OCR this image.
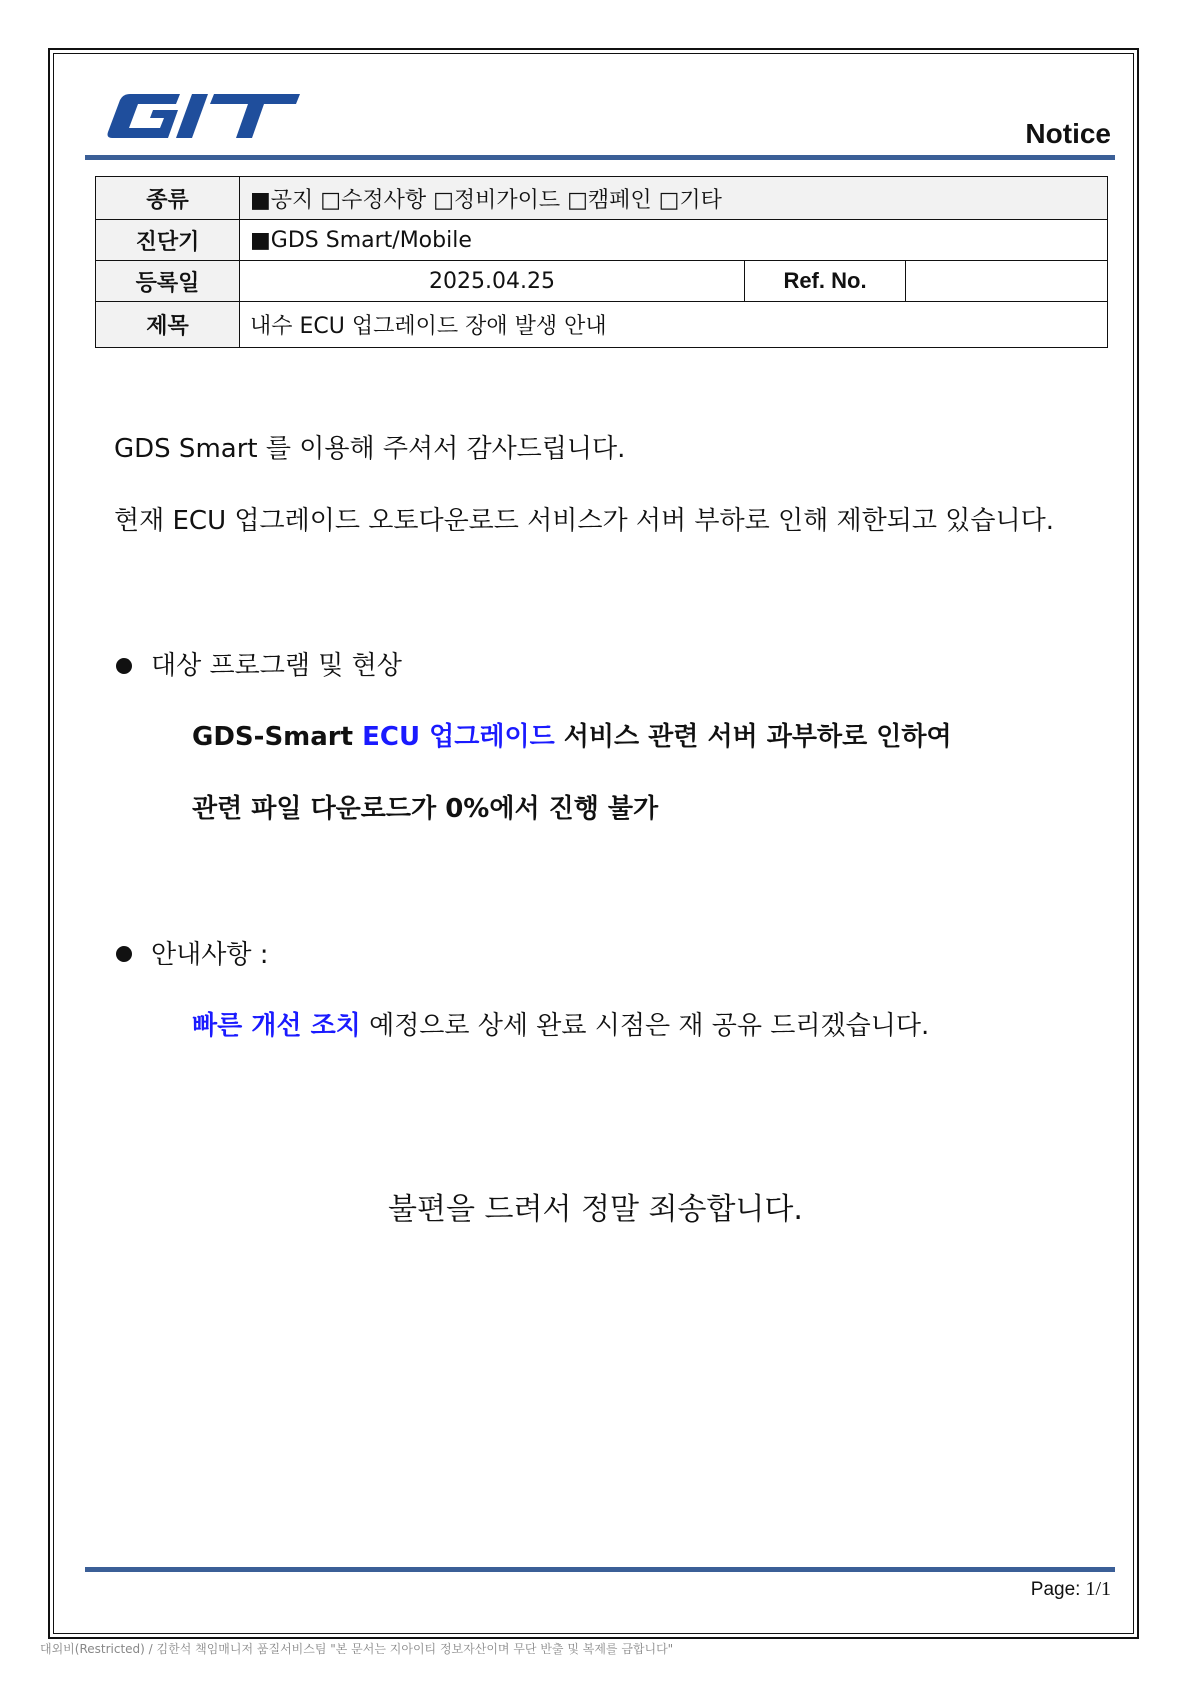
Notice
종류	■공지 □수정사항 □정비가이드 □캠페인 □기타		
진단기	■GDS Smart/Mobile		
등록일	2025.04.25	Ref. No.	
제목	내수 ECU 업그레이드 장애 발생 안내		
GDS Smart 를 이용해 주셔서 감사드립니다.
현재 ECU 업그레이드 오토다운로드 서비스가 서버 부하로 인해 제한되고 있습니다.
대상 프로그램 및 현상
GDS-Smart ECU 업그레이드 서비스 관련 서버 과부하로 인하여
관련 파일 다운로드가 0%에서 진행 불가
안내사항 :
빠른 개선 조치 예정으로 상세 완료 시점은 재 공유 드리겠습니다.
불편을 드려서 정말 죄송합니다.
Page: 1/1
대외비(Restricted) / 김한석 책임매니저 품질서비스팀 "본 문서는 지아이티 정보자산이며 무단 반출 및 복제를 금합니다"
